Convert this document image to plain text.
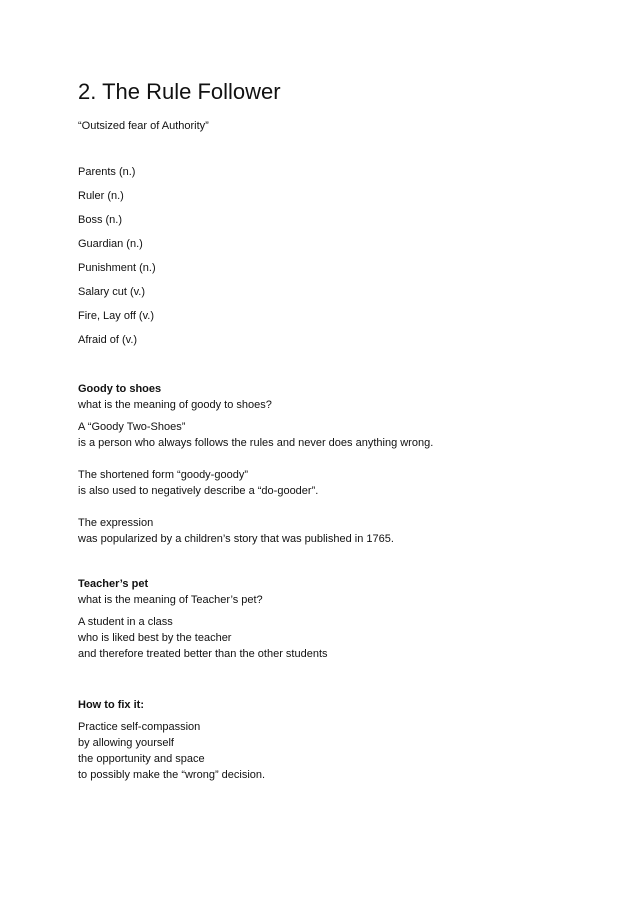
2. The Rule Follower
“Outsized fear of Authority”
Parents (n.)
Ruler (n.)
Boss (n.)
Guardian (n.)
Punishment (n.)
Salary cut (v.)
Fire, Lay off (v.)
Afraid of (v.)
Goody to shoes
what is the meaning of goody to shoes?
A “Goody Two-Shoes”
is a person who always follows the rules and never does anything wrong.
The shortened form “goody-goody”
is also used to negatively describe a “do-gooder”.
The expression
was popularized by a children’s story that was published in 1765.
Teacher’s pet
what is the meaning of Teacher’s pet?
A student in a class
who is liked best by the teacher
and therefore treated better than the other students
How to fix it:
Practice self-compassion
by allowing yourself
the opportunity and space
to possibly make the “wrong” decision.
